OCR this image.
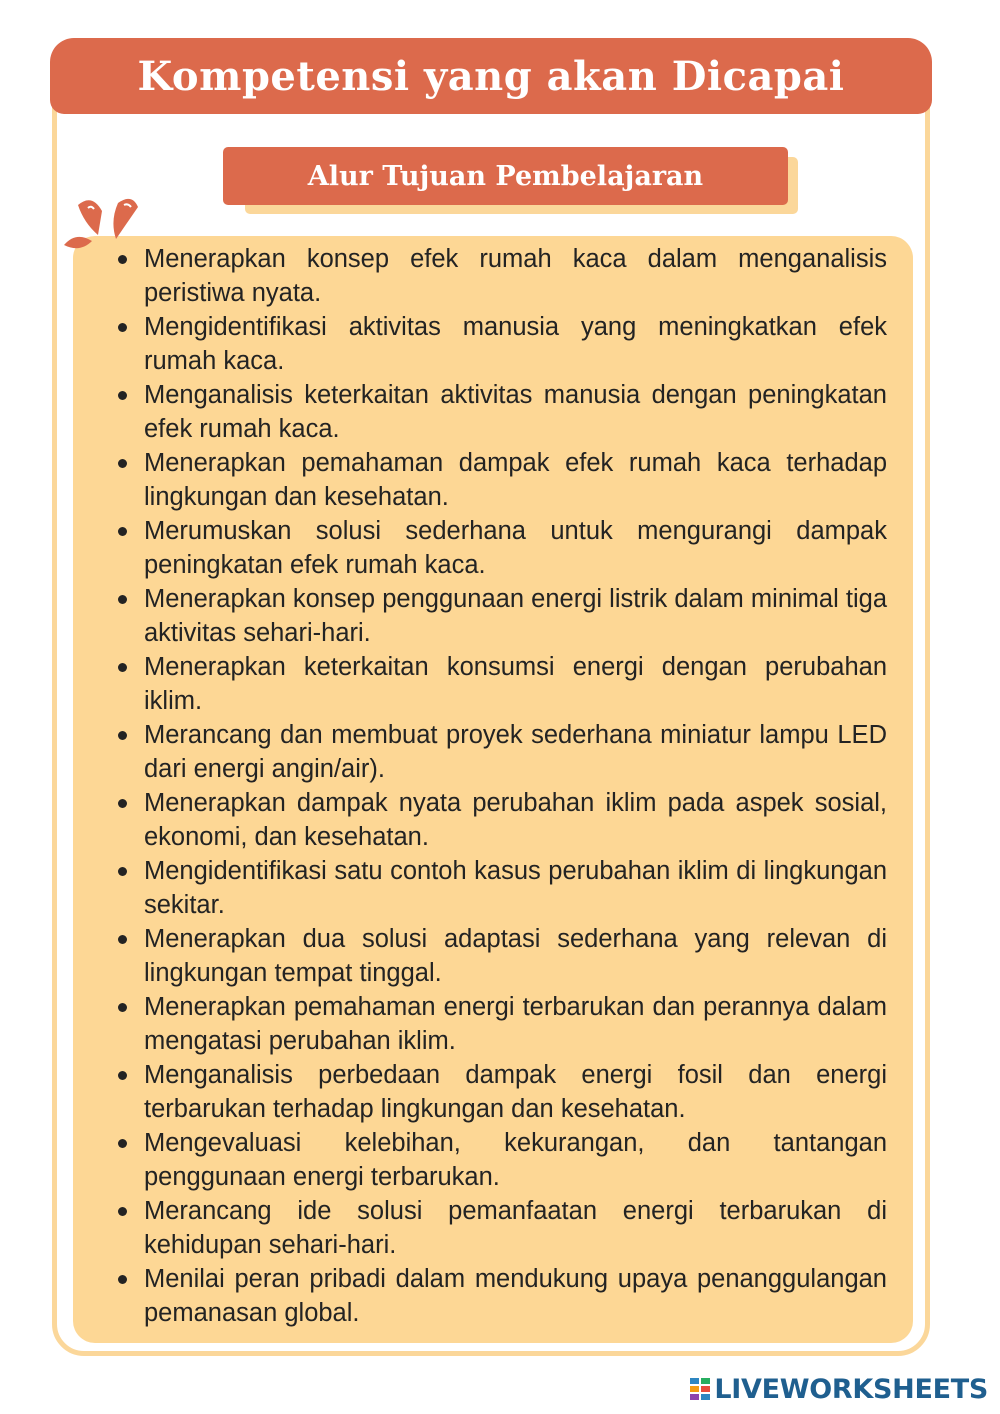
Kompetensi yang akan Dicapai
Alur Tujuan Pembelajaran
Menerapkan konsep efek rumah kaca dalam menganalisis peristiwa nyata.
Mengidentifikasi aktivitas manusia yang meningkatkan efek rumah kaca.
Menganalisis keterkaitan aktivitas manusia dengan peningkatan efek rumah kaca.
Menerapkan pemahaman dampak efek rumah kaca terhadap lingkungan dan kesehatan.
Merumuskan solusi sederhana untuk mengurangi dampak peningkatan efek rumah kaca.
Menerapkan konsep penggunaan energi listrik dalam minimal tiga aktivitas sehari-hari.
Menerapkan keterkaitan konsumsi energi dengan perubahan iklim.
Merancang dan membuat proyek sederhana miniatur lampu LED dari energi angin/air).
Menerapkan dampak nyata perubahan iklim pada aspek sosial, ekonomi, dan kesehatan.
Mengidentifikasi satu contoh kasus perubahan iklim di lingkungan sekitar.
Menerapkan dua solusi adaptasi sederhana yang relevan di lingkungan tempat tinggal.
Menerapkan pemahaman energi terbarukan dan perannya dalam mengatasi perubahan iklim.
Menganalisis perbedaan dampak energi fosil dan energi terbarukan terhadap lingkungan dan kesehatan.
Mengevaluasi kelebihan, kekurangan, dan tantangan penggunaan energi terbarukan.
Merancang ide solusi pemanfaatan energi terbarukan di kehidupan sehari-hari.
Menilai peran pribadi dalam mendukung upaya penanggulangan pemanasan global.
LIVEWORKSHEETS
